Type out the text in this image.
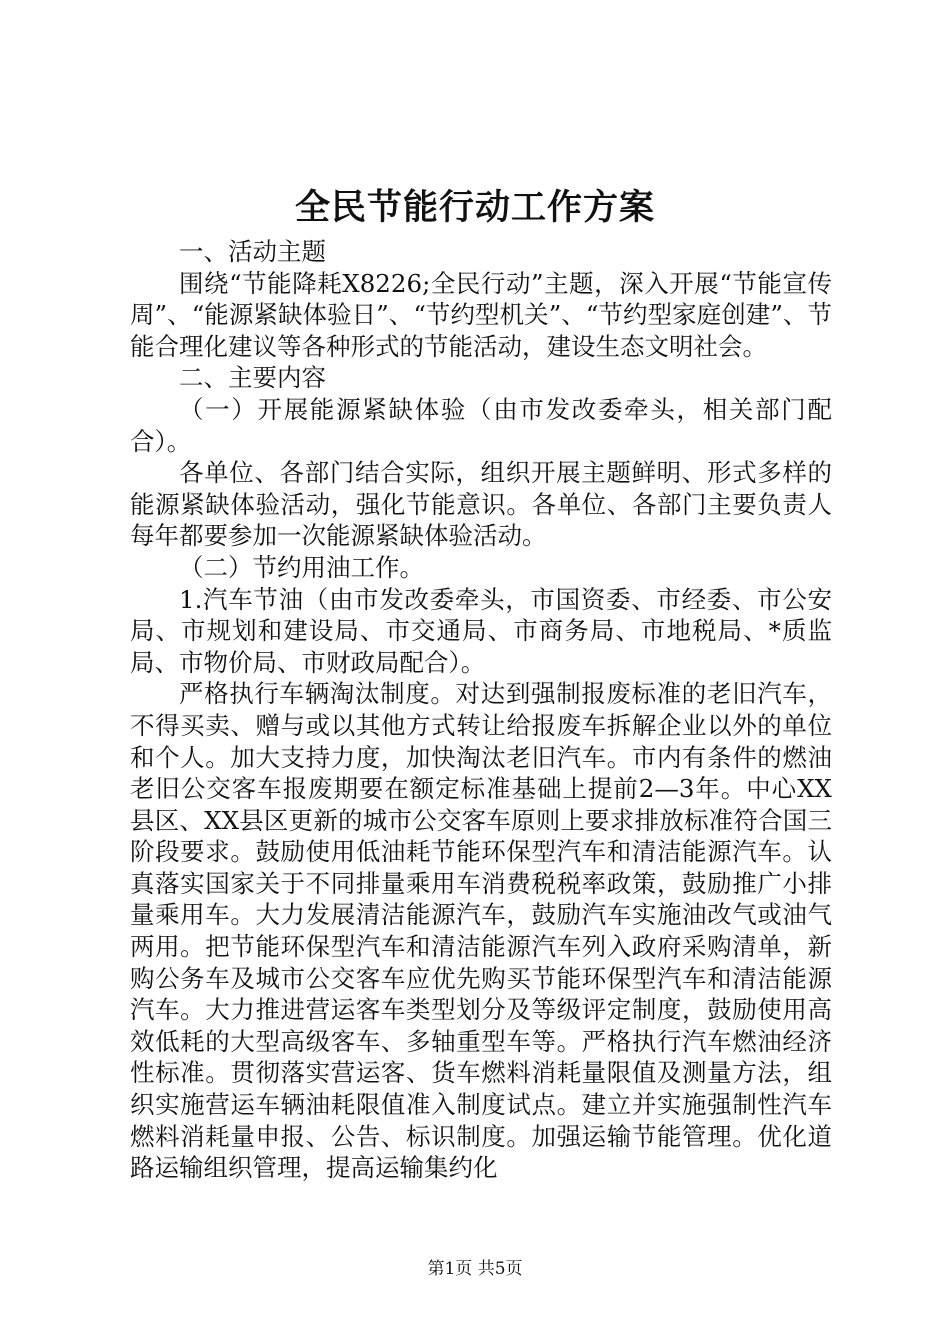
全民节能行动工作方案

一、活动主题

围绕“节能降耗X8226;全民行动”主题，深入开展“节能宣传周”、“能源紧缺体验日”、“节约型机关”、“节约型家庭创建”、节能合理化建议等各种形式的节能活动，建设生态文明社会。

二、主要内容

（一）开展能源紧缺体验（由市发改委牵头，相关部门配合）。

各单位、各部门结合实际，组织开展主题鲜明、形式多样的能源紧缺体验活动，强化节能意识。各单位、各部门主要负责人每年都要参加一次能源紧缺体验活动。

（二）节约用油工作。

1.汽车节油（由市发改委牵头，市国资委、市经委、市公安局、市规划和建设局、市交通局、市商务局、市地税局、*质监局、市物价局、市财政局配合）。

严格执行车辆淘汰制度。对达到强制报废标准的老旧汽车，不得买卖、赠与或以其他方式转让给报废车拆解企业以外的单位和个人。加大支持力度，加快淘汰老旧汽车。市内有条件的燃油老旧公交客车报废期要在额定标准基础上提前2—3年。中心XX县区、XX县区更新的城市公交客车原则上要求排放标准符合国三阶段要求。鼓励使用低油耗节能环保型汽车和清洁能源汽车。认真落实国家关于不同排量乘用车消费税税率政策，鼓励推广小排量乘用车。大力发展清洁能源汽车，鼓励汽车实施油改气或油气两用。把节能环保型汽车和清洁能源汽车列入政府采购清单，新购公务车及城市公交客车应优先购买节能环保型汽车和清洁能源汽车。大力推进营运客车类型划分及等级评定制度，鼓励使用高效低耗的大型高级客车、多轴重型车等。严格执行汽车燃油经济性标准。贯彻落实营运客、货车燃料消耗量限值及测量方法，组织实施营运车辆油耗限值准入制度试点。建立并实施强制性汽车燃料消耗量申报、公告、标识制度。加强运输节能管理。优化道路运输组织管理，提高运输集约化

第1页 共5页
